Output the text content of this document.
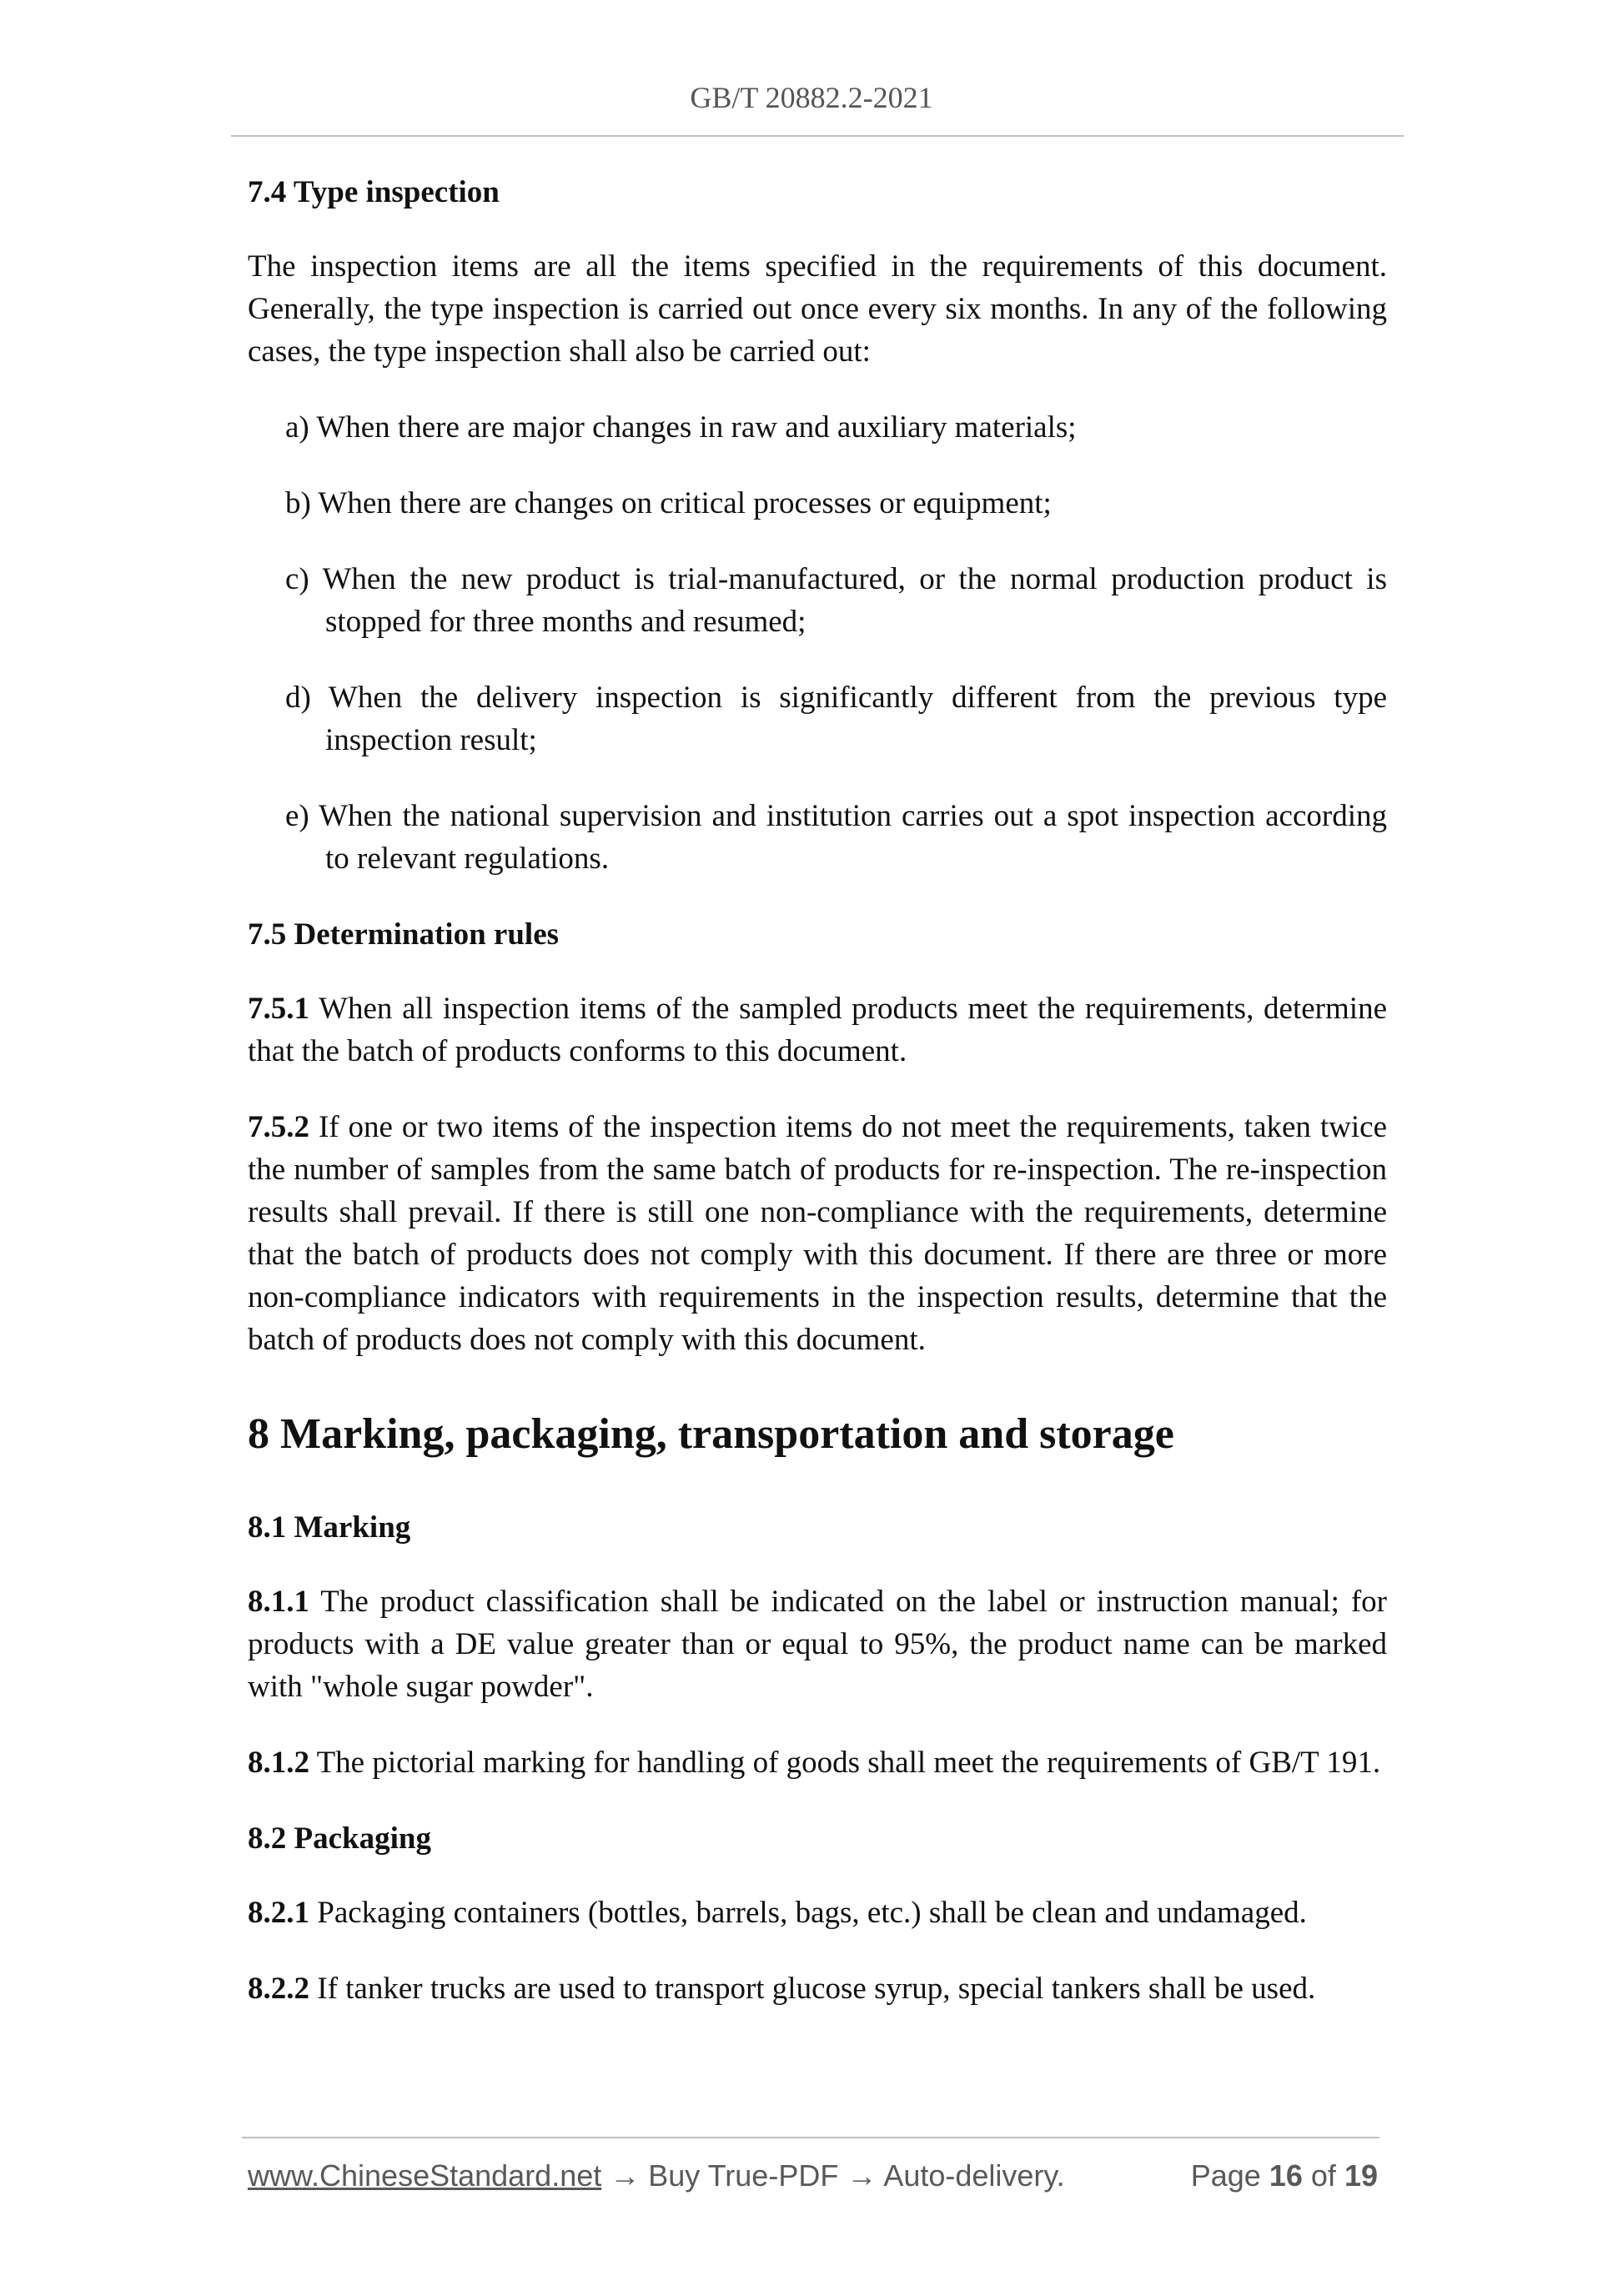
GB/T 20882.2-2021
7.4 Type inspection

The inspection items are all the items specified in the requirements of this document. Generally, the type inspection is carried out once every six months. In any of the following cases, the type inspection shall also be carried out:

a) When there are major changes in raw and auxiliary materials;
b) When there are changes on critical processes or equipment;
c) When the new product is trial-manufactured, or the normal production product is stopped for three months and resumed;
d) When the delivery inspection is significantly different from the previous type inspection result;
e) When the national supervision and institution carries out a spot inspection according to relevant regulations.
7.5 Determination rules

7.5.1 When all inspection items of the sampled products meet the requirements, determine that the batch of products conforms to this document.

7.5.2 If one or two items of the inspection items do not meet the requirements, taken twice the number of samples from the same batch of products for re-inspection. The re-inspection results shall prevail. If there is still one non-compliance with the requirements, determine that the batch of products does not comply with this document. If there are three or more non-compliance indicators with requirements in the inspection results, determine that the batch of products does not comply with this document.

8 Marking, packaging, transportation and storage
8.1 Marking

8.1.1 The product classification shall be indicated on the label or instruction manual; for products with a DE value greater than or equal to 95%, the product name can be marked with "whole sugar powder".

8.1.2 The pictorial marking for handling of goods shall meet the requirements of GB/T 191.

8.2 Packaging

8.2.1 Packaging containers (bottles, barrels, bags, etc.) shall be clean and undamaged.

8.2.2 If tanker trucks are used to transport glucose syrup, special tankers shall be used.

www.ChineseStandard.net → Buy True-PDF → Auto-delivery.	Page 16 of 19
